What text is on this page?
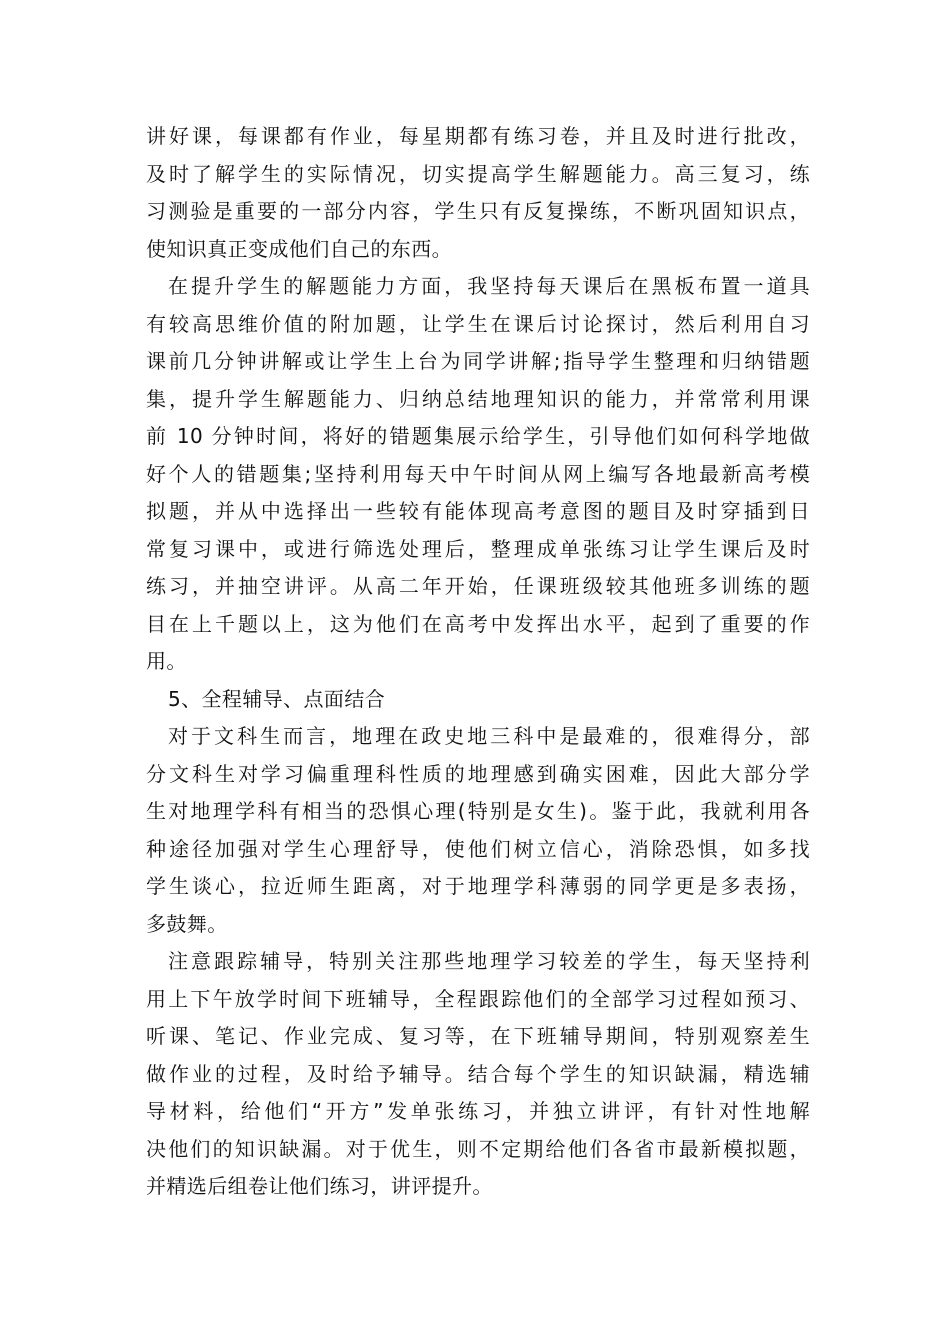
讲好课，每课都有作业，每星期都有练习卷，并且及时进行批改，
及时了解学生的实际情况，切实提高学生解题能力。高三复习，练
习测验是重要的一部分内容，学生只有反复操练，不断巩固知识点，
使知识真正变成他们自己的东西。
在提升学生的解题能力方面，我坚持每天课后在黑板布置一道具
有较高思维价值的附加题，让学生在课后讨论探讨，然后利用自习
课前几分钟讲解或让学生上台为同学讲解;指导学生整理和归纳错题
集，提升学生解题能力、归纳总结地理知识的能力，并常常利用课
前 10 分钟时间，将好的错题集展示给学生，引导他们如何科学地做
好个人的错题集;坚持利用每天中午时间从网上编写各地最新高考模
拟题，并从中选择出一些较有能体现高考意图的题目及时穿插到日
常复习课中，或进行筛选处理后，整理成单张练习让学生课后及时
练习，并抽空讲评。从高二年开始，任课班级较其他班多训练的题
目在上千题以上，这为他们在高考中发挥出水平，起到了重要的作
用。
5、全程辅导、点面结合
对于文科生而言，地理在政史地三科中是最难的，很难得分，部
分文科生对学习偏重理科性质的地理感到确实困难，因此大部分学
生对地理学科有相当的恐惧心理(特别是女生)。鉴于此，我就利用各
种途径加强对学生心理舒导，使他们树立信心，消除恐惧，如多找
学生谈心，拉近师生距离，对于地理学科薄弱的同学更是多表扬，
多鼓舞。
注意跟踪辅导，特别关注那些地理学习较差的学生，每天坚持利
用上下午放学时间下班辅导，全程跟踪他们的全部学习过程如预习、
听课、笔记、作业完成、复习等，在下班辅导期间，特别观察差生
做作业的过程，及时给予辅导。结合每个学生的知识缺漏，精选辅
导材料，给他们“开方”发单张练习，并独立讲评，有针对性地解
决他们的知识缺漏。对于优生，则不定期给他们各省市最新模拟题，
并精选后组卷让他们练习，讲评提升。
